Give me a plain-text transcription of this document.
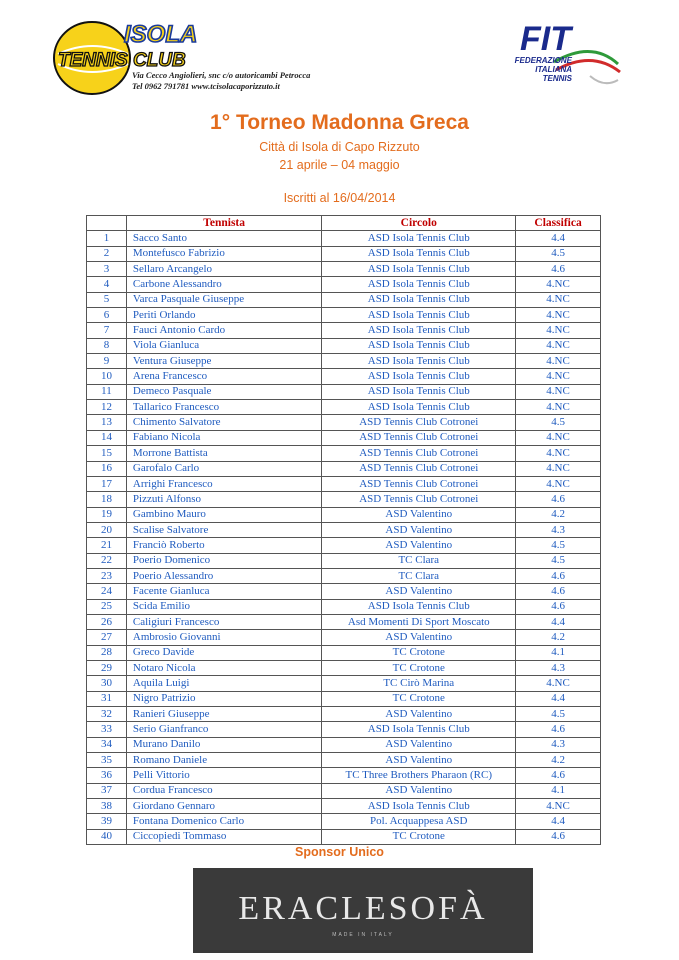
ISOLA
TENNIS CLUB
Via Cecco Angiolieri, snc c/o autoricambi Petrocca
Tel 0962 791781 www.tcisolacaporizzuto.it
FIT
FEDERAZIONE
ITALIANA
TENNIS
1° Torneo Madonna Greca
Città di Isola di Capo Rizzuto
21 aprile – 04 maggio
Iscritti al 16/04/2014
	Tennista	Circolo	Classifica
1	Sacco Santo	ASD Isola Tennis Club	4.4
2	Montefusco Fabrizio	ASD Isola Tennis Club	4.5
3	Sellaro Arcangelo	ASD Isola Tennis Club	4.6
4	Carbone Alessandro	ASD Isola Tennis Club	4.NC
5	Varca Pasquale Giuseppe	ASD Isola Tennis Club	4.NC
6	Periti Orlando	ASD Isola Tennis Club	4.NC
7	Fauci Antonio Cardo	ASD Isola Tennis Club	4.NC
8	Viola Gianluca	ASD Isola Tennis Club	4.NC
9	Ventura Giuseppe	ASD Isola Tennis Club	4.NC
10	Arena Francesco	ASD Isola Tennis Club	4.NC
11	Demeco Pasquale	ASD Isola Tennis Club	4.NC
12	Tallarico Francesco	ASD Isola Tennis Club	4.NC
13	Chimento Salvatore	ASD Tennis Club Cotronei	4.5
14	Fabiano Nicola	ASD Tennis Club Cotronei	4.NC
15	Morrone Battista	ASD Tennis Club Cotronei	4.NC
16	Garofalo Carlo	ASD Tennis Club Cotronei	4.NC
17	Arrighi Francesco	ASD Tennis Club Cotronei	4.NC
18	Pizzuti Alfonso	ASD Tennis Club Cotronei	4.6
19	Gambino Mauro	ASD Valentino	4.2
20	Scalise Salvatore	ASD Valentino	4.3
21	Franciò Roberto	ASD Valentino	4.5
22	Poerio Domenico	TC Clara	4.5
23	Poerio Alessandro	TC Clara	4.6
24	Facente Gianluca	ASD Valentino	4.6
25	Scida Emilio	ASD Isola Tennis Club	4.6
26	Caligiuri Francesco	Asd Momenti Di Sport Moscato	4.4
27	Ambrosio Giovanni	ASD Valentino	4.2
28	Greco Davide	TC Crotone	4.1
29	Notaro Nicola	TC Crotone	4.3
30	Aquila Luigi	TC Cirò Marina	4.NC
31	Nigro Patrizio	TC Crotone	4.4
32	Ranieri Giuseppe	ASD Valentino	4.5
33	Serio Gianfranco	ASD Isola Tennis Club	4.6
34	Murano Danilo	ASD Valentino	4.3
35	Romano Daniele	ASD Valentino	4.2
36	Pelli Vittorio	TC Three Brothers Pharaon (RC)	4.6
37	Cordua Francesco	ASD Valentino	4.1
38	Giordano Gennaro	ASD Isola Tennis Club	4.NC
39	Fontana Domenico Carlo	Pol. Acquappesa ASD	4.4
40	Ciccopiedi Tommaso	TC Crotone	4.6
Sponsor Unico
ERACLESOFÀ
MADE IN ITALY
